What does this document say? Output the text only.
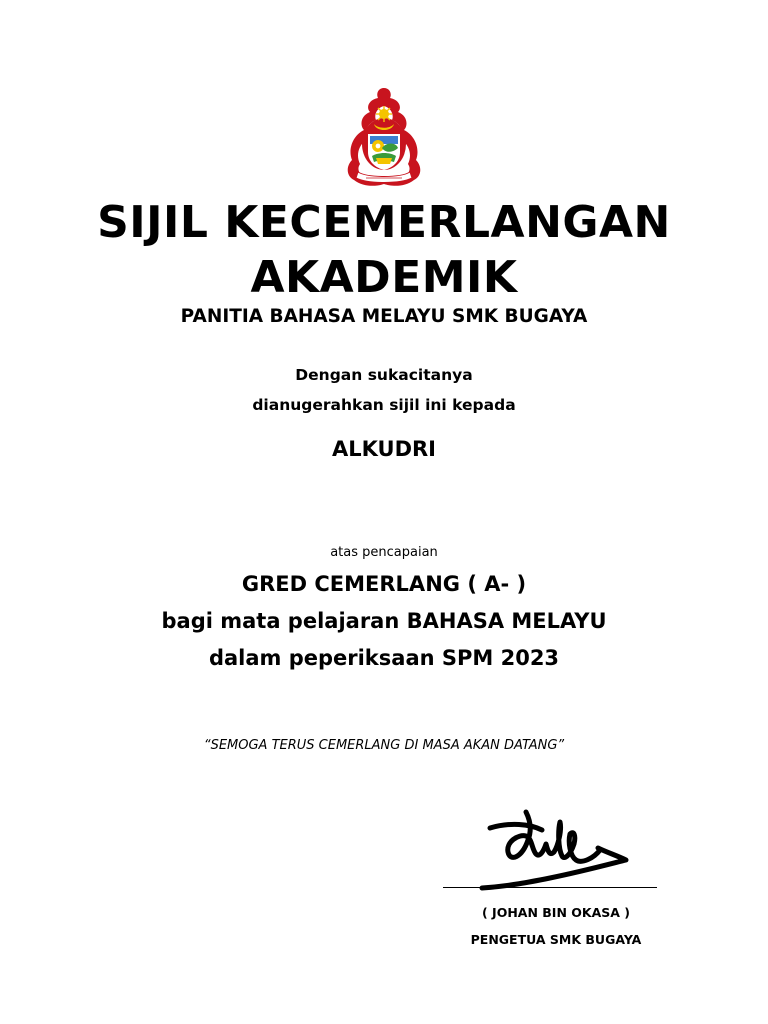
SIJIL KECEMERLANGAN
AKADEMIK
PANITIA BAHASA MELAYU SMK BUGAYA
Dengan sukacitanya
dianugerahkan sijil ini kepada
ALKUDRI
atas pencapaian
GRED CEMERLANG ( A- )
bagi mata pelajaran BAHASA MELAYU
dalam peperiksaan SPM 2023
“SEMOGA TERUS CEMERLANG DI MASA AKAN DATANG”
( JOHAN BIN OKASA )
PENGETUA SMK BUGAYA
